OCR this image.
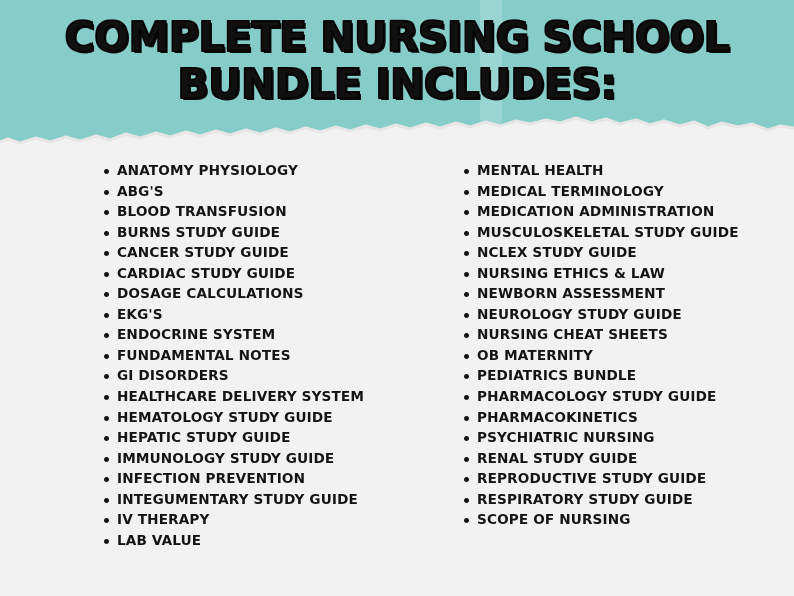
COMPLETE NURSING SCHOOL
BUNDLE INCLUDES:
ANATOMY PHYSIOLOGY
ABG'S
BLOOD TRANSFUSION
BURNS STUDY GUIDE
CANCER STUDY GUIDE
CARDIAC STUDY GUIDE
DOSAGE CALCULATIONS
EKG'S
ENDOCRINE SYSTEM
FUNDAMENTAL NOTES
GI DISORDERS
HEALTHCARE DELIVERY SYSTEM
HEMATOLOGY STUDY GUIDE
HEPATIC STUDY GUIDE
IMMUNOLOGY STUDY GUIDE
INFECTION PREVENTION
INTEGUMENTARY STUDY GUIDE
IV THERAPY
LAB VALUE
MENTAL HEALTH
MEDICAL TERMINOLOGY
MEDICATION ADMINISTRATION
MUSCULOSKELETAL STUDY GUIDE
NCLEX STUDY GUIDE
NURSING ETHICS & LAW
NEWBORN ASSESSMENT
NEUROLOGY STUDY GUIDE
NURSING CHEAT SHEETS
OB MATERNITY
PEDIATRICS BUNDLE
PHARMACOLOGY STUDY GUIDE
PHARMACOKINETICS
PSYCHIATRIC NURSING
RENAL STUDY GUIDE
REPRODUCTIVE STUDY GUIDE
RESPIRATORY STUDY GUIDE
SCOPE OF NURSING
